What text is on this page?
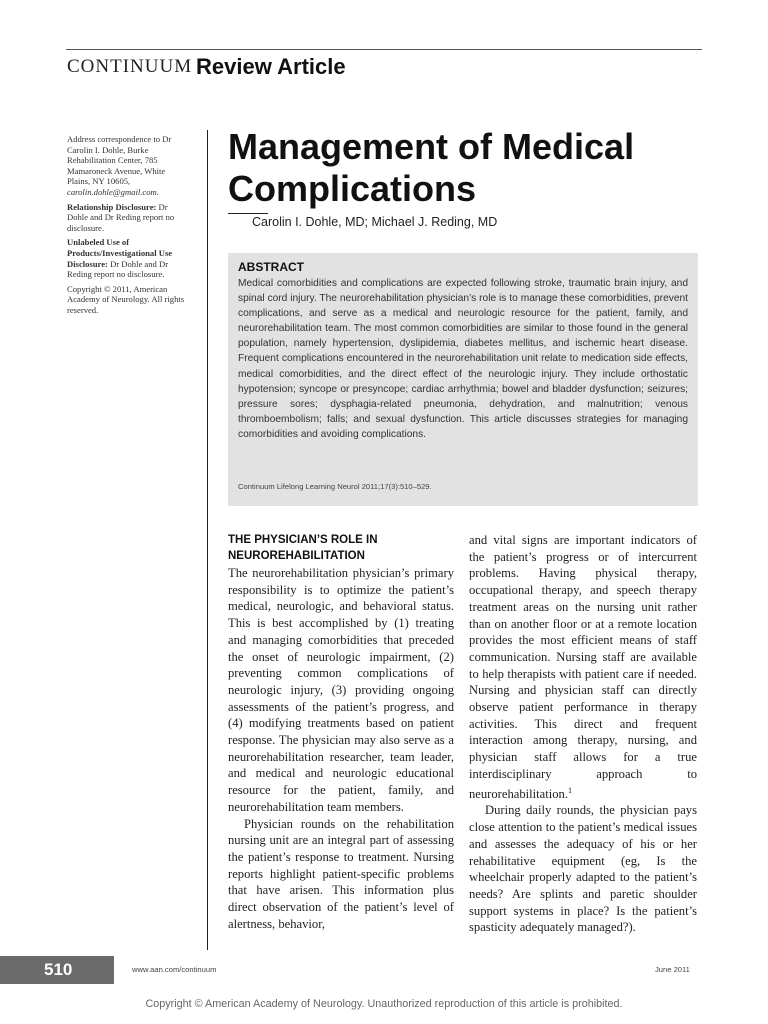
CONTINUUM Review Article

Address correspondence to Dr Carolin I. Dohle, Burke Rehabilitation Center, 785 Mamaroneck Avenue, White Plains, NY 10605, carolin.dohle@gmail.com.

Relationship Disclosure: Dr Dohle and Dr Reding report no disclosure.

Unlabeled Use of Products/Investigational Use Disclosure: Dr Dohle and Dr Reding report no disclosure.

Copyright © 2011, American Academy of Neurology. All rights reserved.

Management of Medical Complications
Carolin I. Dohle, MD; Michael J. Reding, MD
ABSTRACT
Medical comorbidities and complications are expected following stroke, traumatic brain injury, and spinal cord injury. The neurorehabilitation physician’s role is to manage these comorbidities, prevent complications, and serve as a medical and neurologic resource for the patient, family, and neurorehabilitation team. The most common comorbidities are similar to those found in the general population, namely hypertension, dyslipidemia, diabetes mellitus, and ischemic heart disease. Frequent complications encountered in the neurorehabilitation unit relate to medication side effects, medical comorbidities, and the direct effect of the neurologic injury. They include orthostatic hypotension; syncope or presyncope; cardiac arrhythmia; bowel and bladder dysfunction; seizures; pressure sores; dysphagia-related pneumonia, dehydration, and malnutrition; venous thromboembolism; falls; and sexual dysfunction. This article discusses strategies for managing comorbidities and avoiding complications.
Continuum Lifelong Learning Neurol 2011;17(3):510–529.
THE PHYSICIAN’S ROLE IN NEUROREHABILITATION

The neurorehabilitation physician’s primary responsibility is to optimize the patient’s medical, neurologic, and behavioral status. This is best accomplished by (1) treating and managing comorbidities that preceded the onset of neurologic impairment, (2) preventing common complications of neurologic injury, (3) providing ongoing assessments of the patient’s progress, and (4) modifying treatments based on patient response. The physician may also serve as a neurorehabilitation researcher, team leader, and medical and neurologic educational resource for the patient, family, and neurorehabilitation team members.

Physician rounds on the rehabilitation nursing unit are an integral part of assessing the patient’s response to treatment. Nursing reports highlight patient-specific problems that have arisen. This information plus direct observation of the patient’s level of alertness, behavior,

and vital signs are important indicators of the patient’s progress or of intercurrent problems. Having physical therapy, occupational therapy, and speech therapy treatment areas on the nursing unit rather than on another floor or at a remote location provides the most efficient means of staff communication. Nursing staff are available to help therapists with patient care if needed. Nursing and physician staff can directly observe patient performance in therapy activities. This direct and frequent interaction among therapy, nursing, and physician staff allows for a true interdisciplinary approach to neurorehabilitation.$^1$

During daily rounds, the physician pays close attention to the patient’s medical issues and assesses the adequacy of his or her rehabilitative equipment (eg, Is the wheelchair properly adapted to the patient’s needs? Are splints and paretic shoulder support systems in place? Is the patient’s spasticity adequately managed?).

510	www.aan.com/continuum	June 2011
Copyright © American Academy of Neurology. Unauthorized reproduction of this article is prohibited.
